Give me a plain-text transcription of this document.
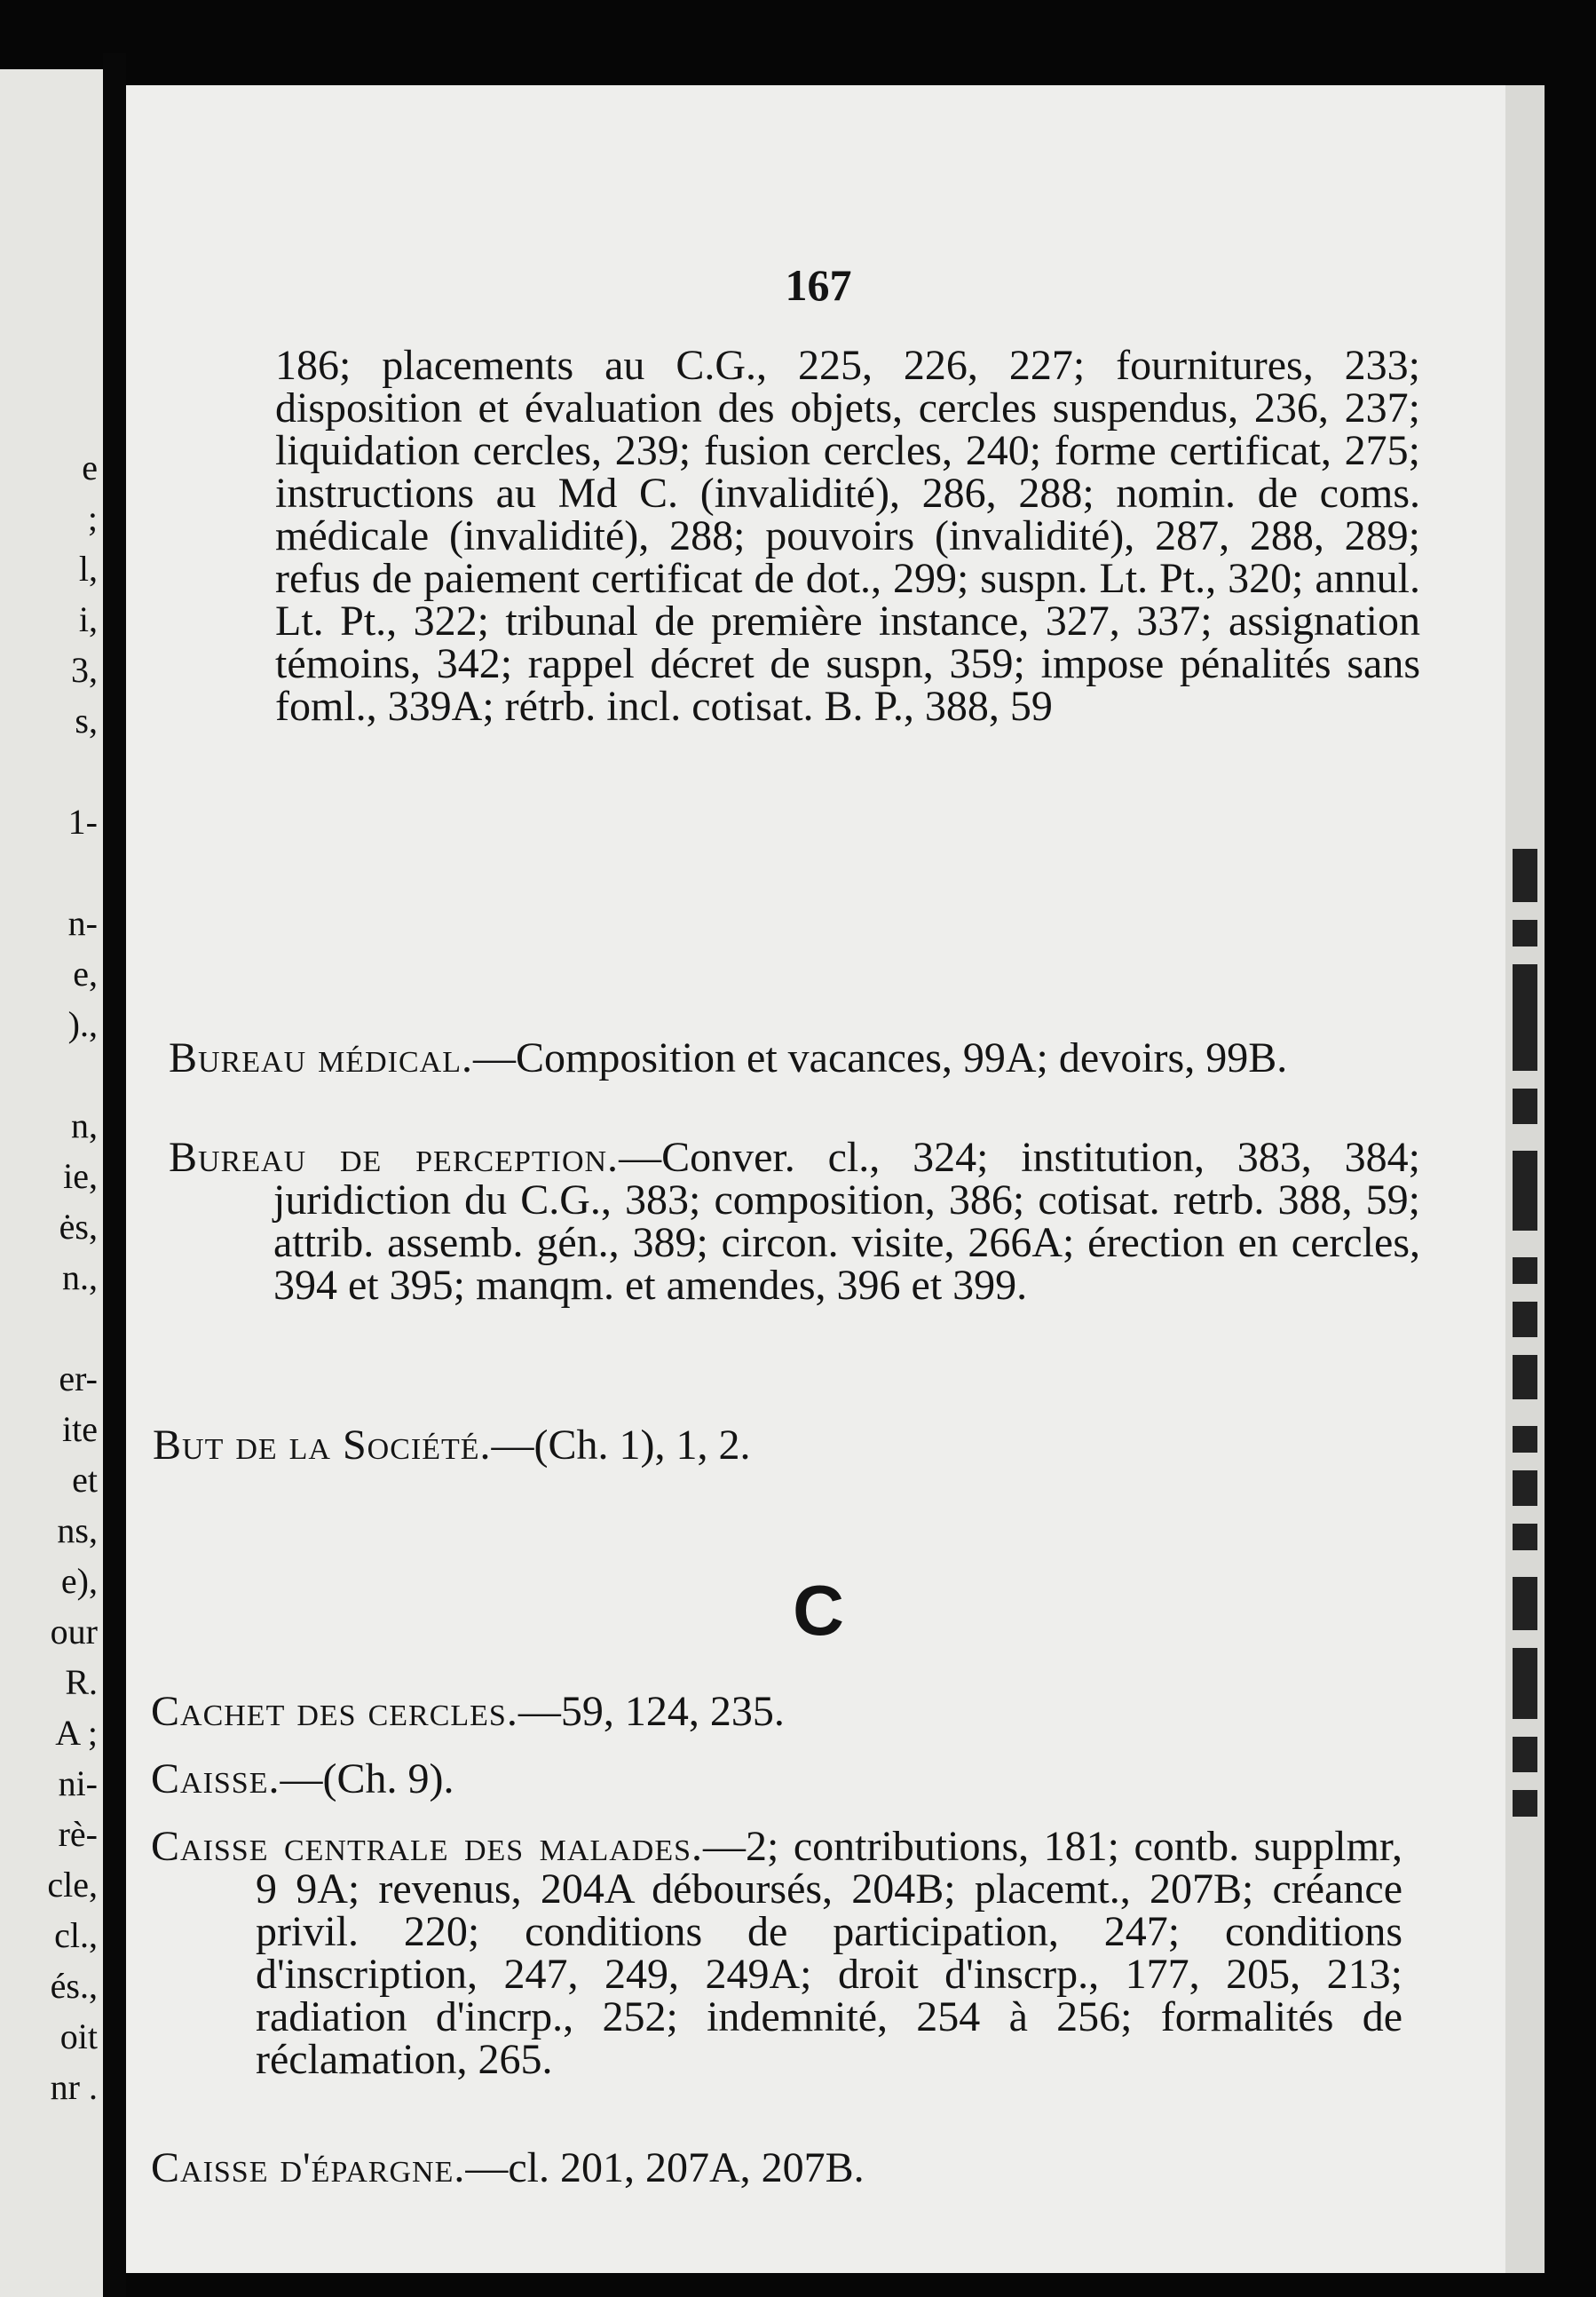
e
;
l,
i,
3,
s,
1-
n-
e,
).,
n,
ie,
ės,
n.,
er-
ite
et
ns,
e),
our
R.
A ;
ni-
rè-
cle,
cl.,
és.,
oit
nr .
167

186; placements au C.G., 225, 226, 227; fournitures, 233; disposition et évaluation des objets, cercles suspendus, 236, 237; liquidation cercles, 239; fusion cercles, 240; forme certificat, 275; instructions au Md C. (invalidité), 286, 288; nomin. de coms. médicale (invalidité), 288; pouvoirs (invalidité), 287, 288, 289; refus de paiement certificat de dot., 299; suspn. Lt. Pt., 320; annul. Lt. Pt., 322; tribunal de première instance, 327, 337; assignation témoins, 342; rappel décret de suspn, 359; impose pénalités sans foml., 339A; rétrb. incl. cotisat. B. P., 388, 59

Bureau médical.—Composition et vacances, 99A; devoirs, 99B.

Bureau de perception.—Conver. cl., 324; institution, 383, 384; juridiction du C.G., 383; composition, 386; cotisat. retrb. 388, 59; attrib. assemb. gén., 389; circon. visite, 266A; érection en cercles, 394 et 395; manqm. et amendes, 396 et 399.

But de la Société.—(Ch. 1), 1, 2.

C

Cachet des cercles.—59, 124, 235.

Caisse.—(Ch. 9).

Caisse centrale des malades.—2; contributions, 181; contb. supplmr, 9 9A; revenus, 204A déboursés, 204B; placemt., 207B; créance privil. 220; conditions de participation, 247; conditions d'inscription, 247, 249, 249A; droit d'inscrp., 177, 205, 213; radiation d'incrp., 252; indemnité, 254 à 256; formalités de réclamation, 265.

Caisse d'épargne.—cl. 201, 207A, 207B.
